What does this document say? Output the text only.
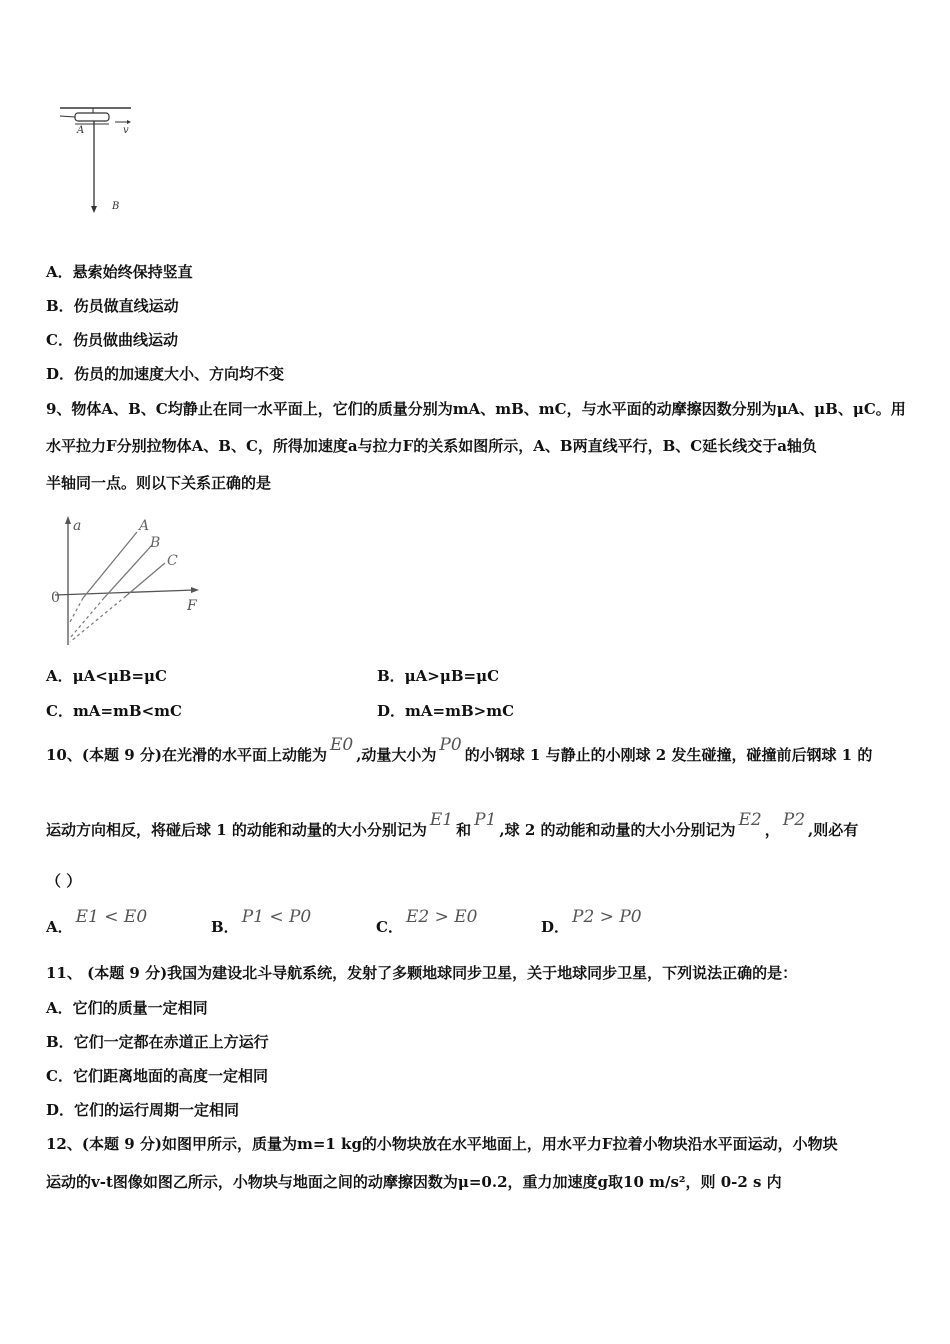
A	v
B
A．悬索始终保持竖直
B．伤员做直线运动
C．伤员做曲线运动
D．伤员的加速度大小、方向均不变
9、物体A、B、C均静止在同一水平面上，它们的质量分别为mA、mB、mC，与水平面的动摩擦因数分别为μA、μB、μC。用
水平拉力F分别拉物体A、B、C，所得加速度a与拉力F的关系如图所示，A、B两直线平行，B、C延长线交于a轴负
半轴同一点。则以下关系正确的是
a
F
0
A
B
C
A．μA<μB=μC	B．μA>μB=μC
C．mA=mB<mC	D．mA=mB>mC
10、(本题 9 分)在光滑的水平面上动能为 E0 ,动量大小为 P0 的小钢球 1 与静止的小刚球 2 发生碰撞，碰撞前后钢球 1 的
运动方向相反，将碰后球 1 的动能和动量的大小分别记为 E1 和 P1 ,球 2 的动能和动量的大小分别记为 E2 ， P2 ,则必有
（ ）
A． E1 < E0	B． P1 < P0	C． E2 > E0	D． P2 > P0
11、 (本题 9 分)我国为建设北斗导航系统，发射了多颗地球同步卫星，关于地球同步卫星，下列说法正确的是：
A．它们的质量一定相同
B．它们一定都在赤道正上方运行
C．它们距离地面的高度一定相同
D．它们的运行周期一定相同
12、(本题 9 分)如图甲所示，质量为m=1 kg的小物块放在水平地面上，用水平力F拉着小物块沿水平面运动，小物块
运动的v-t图像如图乙所示，小物块与地面之间的动摩擦因数为μ=0.2，重力加速度g取10 m/s²，则 0-2 s 内
